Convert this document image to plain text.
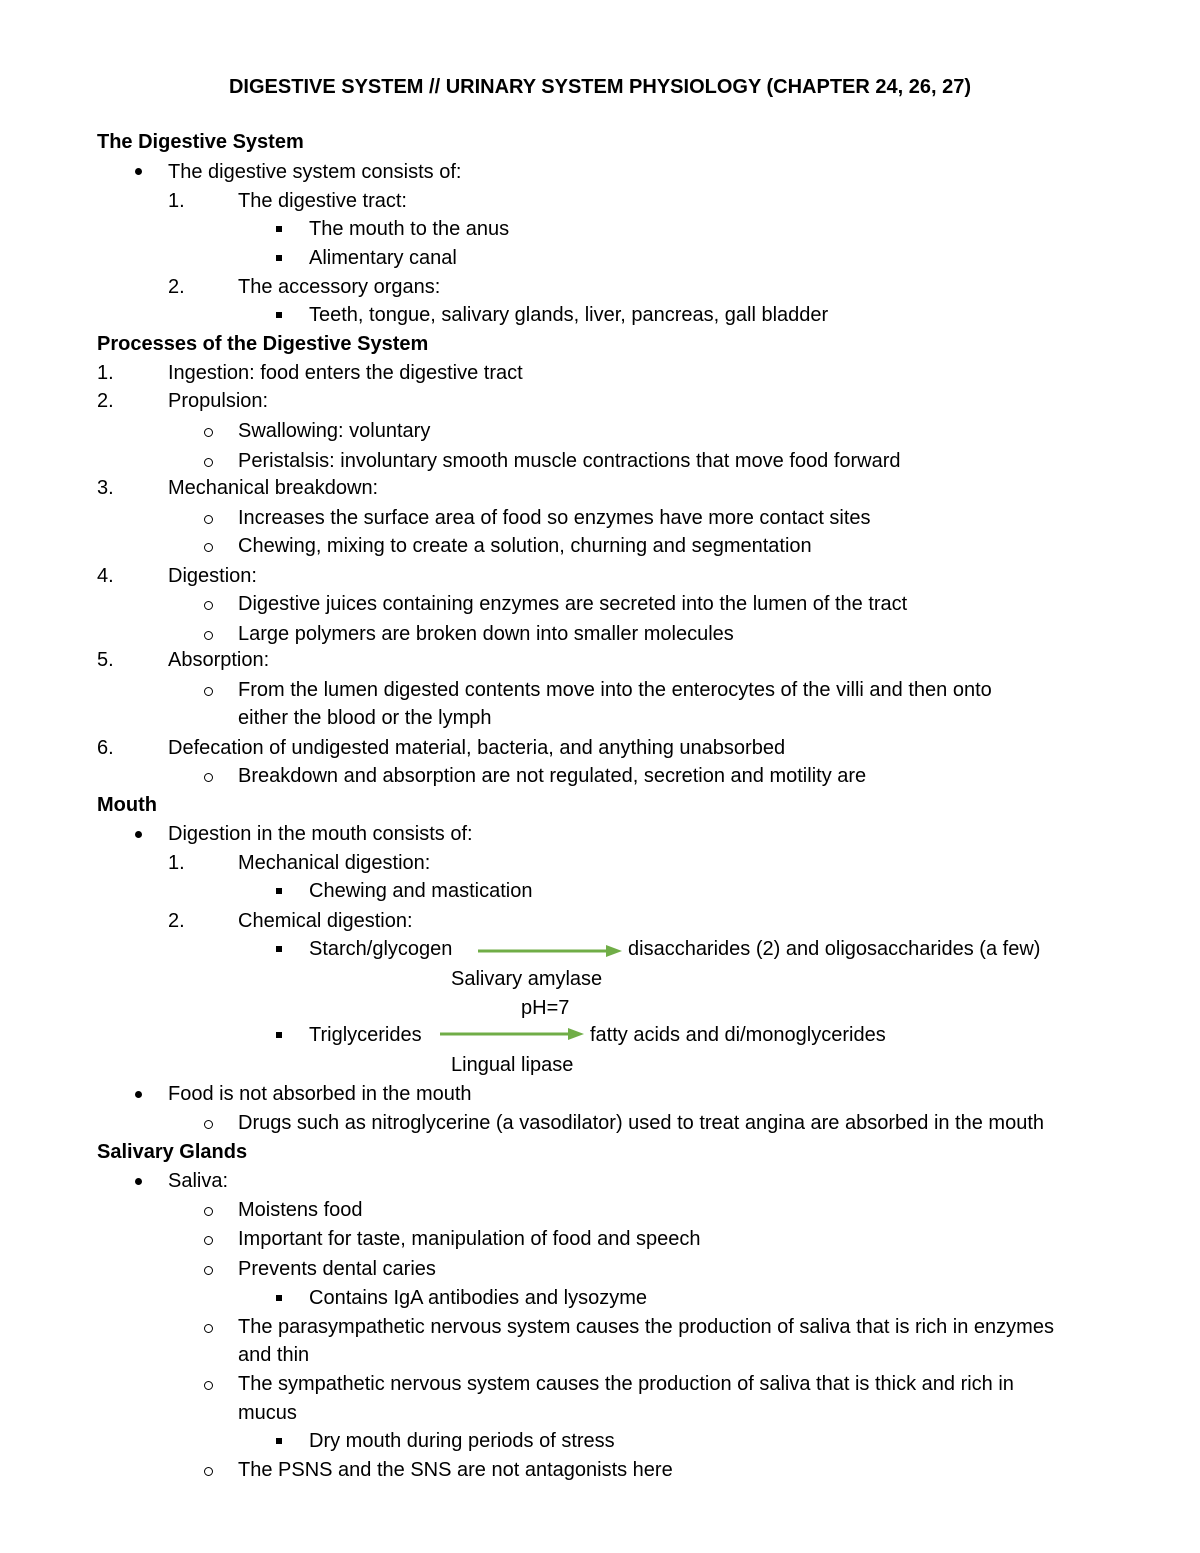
DIGESTIVE SYSTEM // URINARY SYSTEM PHYSIOLOGY (CHAPTER 24, 26, 27)
The Digestive System
The digestive system consists of:
1.	The digestive tract:
The mouth to the anus
Alimentary canal
2.	The accessory organs:
Teeth, tongue, salivary glands, liver, pancreas, gall bladder
Processes of the Digestive System
1.	Ingestion: food enters the digestive tract
2.	Propulsion:
Swallowing: voluntary
Peristalsis: involuntary smooth muscle contractions that move food forward
3.	Mechanical breakdown:
Increases the surface area of food so enzymes have more contact sites
Chewing, mixing to create a solution, churning and segmentation
4.	Digestion:
Digestive juices containing enzymes are secreted into the lumen of the tract
Large polymers are broken down into smaller molecules
5.	Absorption:
From the lumen digested contents move into the enterocytes of the villi and then onto
either the blood or the lymph
6.	Defecation of undigested material, bacteria, and anything unabsorbed
Breakdown and absorption are not regulated, secretion and motility are
Mouth
Digestion in the mouth consists of:
1.	Mechanical digestion:
Chewing and mastication
2.	Chemical digestion:
Starch/glycogen	disaccharides (2) and oligosaccharides (a few)
Salivary amylase
pH=7
Triglycerides	fatty acids and di/monoglycerides
Lingual lipase
Food is not absorbed in the mouth
Drugs such as nitroglycerine (a vasodilator) used to treat angina are absorbed in the mouth
Salivary Glands
Saliva:
Moistens food
Important for taste, manipulation of food and speech
Prevents dental caries
Contains IgA antibodies and lysozyme
The parasympathetic nervous system causes the production of saliva that is rich in enzymes
and thin
The sympathetic nervous system causes the production of saliva that is thick and rich in
mucus
Dry mouth during periods of stress
The PSNS and the SNS are not antagonists here
